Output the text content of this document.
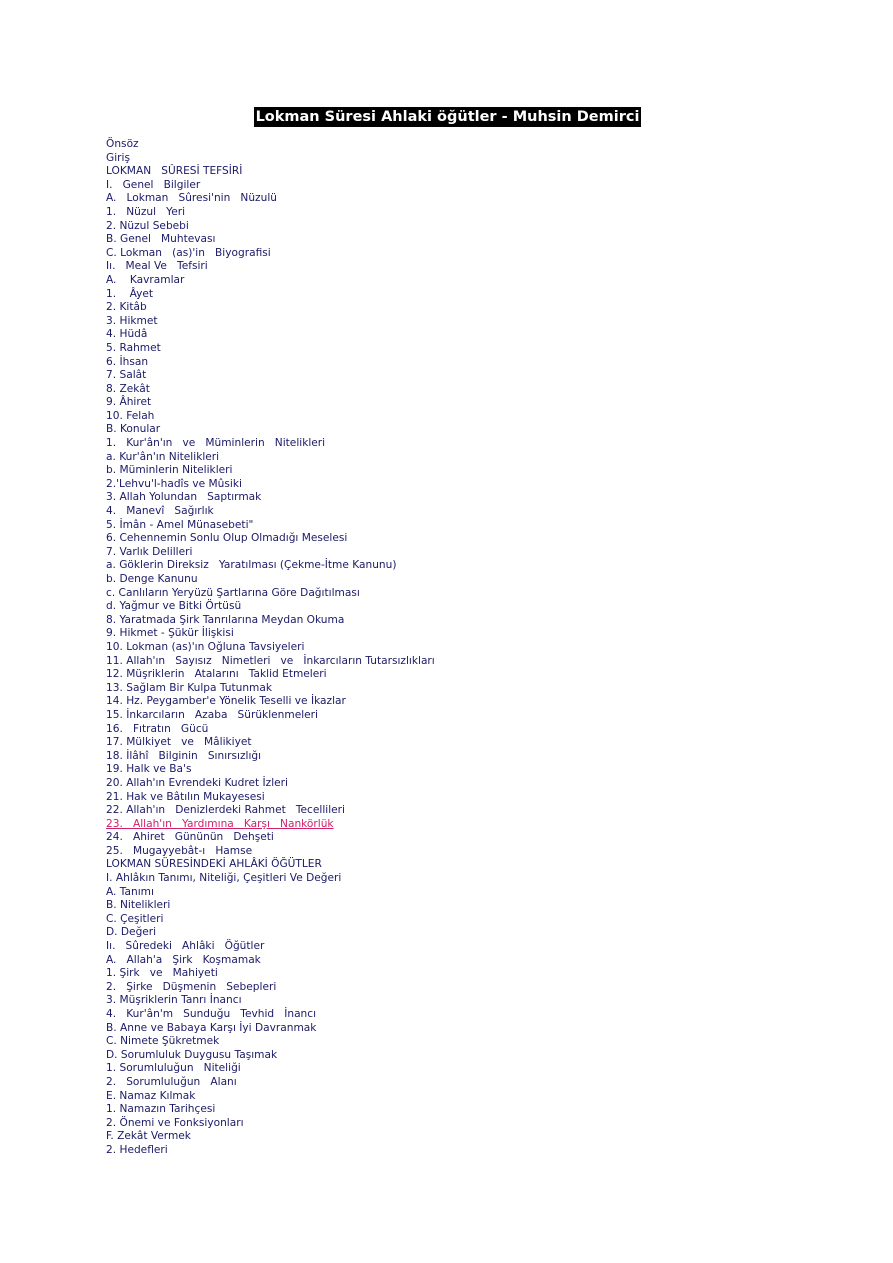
Lokman Süresi Ahlaki öğütler - Muhsin Demirci
Önsöz
Giriş
LOKMAN   SÛRESİ TEFSİRİ
I.   Genel   Bilgiler
A.   Lokman   Sûresi'nin   Nüzulü
1.   Nüzul   Yeri
2. Nüzul Sebebi
B. Genel   Muhtevası
C. Lokman   (as)'in   Biyografisi
Iı.   Meal Ve   Tefsiri
A.    Kavramlar
1.    Âyet
2. Kitâb
3. Hikmet
4. Hüdâ
5. Rahmet
6. İhsan
7. Salât
8. Zekât
9. Âhiret
10. Felah
B. Konular
1.   Kur'ân'ın   ve   Müminlerin   Nitelikleri
a. Kur'ân'ın Nitelikleri
b. Müminlerin Nitelikleri
2.'Lehvu'l-hadîs ve Mûsiki
3. Allah Yolundan   Saptırmak
4.   Manevî   Sağırlık
5. İmân - Amel Münasebeti"
6. Cehennemin Sonlu Olup Olmadığı Meselesi
7. Varlık Delilleri
a. Göklerin Direksiz   Yaratılması (Çekme-İtme Kanunu)
b. Denge Kanunu
c. Canlıların Yeryüzü Şartlarına Göre Dağıtılması
d. Yağmur ve Bitki Örtüsü
8. Yaratmada Şirk Tanrılarına Meydan Okuma
9. Hikmet - Şükür İlişkisi
10. Lokman (as)'ın Oğluna Tavsiyeleri
11. Allah'ın   Sayısız   Nimetleri   ve   İnkarcıların Tutarsızlıkları
12. Müşriklerin   Atalarını   Taklid Etmeleri
13. Sağlam Bir Kulpa Tutunmak
14. Hz. Peygamber'e Yönelik Teselli ve İkazlar
15. İnkarcıların   Azaba   Sürüklenmeleri
16.   Fıtratın   Gücü
17. Mülkiyet   ve   Mâlikiyet
18. İlâhî   Bilginin   Sınırsızlığı
19. Halk ve Ba's
20. Allah'ın Evrendeki Kudret İzleri
21. Hak ve Bâtılın Mukayesesi
22. Allah'ın   Denizlerdeki Rahmet   Tecellileri
23.   Allah'ın   Yardımına   Karşı   Nankörlük
24.   Ahiret   Gününün   Dehşeti
25.   Mugayyebât-ı   Hamse
LOKMAN SÜRESİNDEKİ AHLÂKİ ÖĞÜTLER
I. Ahlâkın Tanımı, Niteliği, Çeşitleri Ve Değeri
A. Tanımı
B. Nitelikleri
C. Çeşitleri
D. Değeri
Iı.   Sûredeki   Ahlâki   Öğütler
A.   Allah'a   Şirk   Koşmamak
1. Şirk   ve   Mahiyeti
2.   Şirke   Düşmenin   Sebepleri
3. Müşriklerin Tanrı İnancı
4.   Kur'ân'm   Sunduğu   Tevhid   İnancı
B. Anne ve Babaya Karşı İyi Davranmak
C. Nimete Şükretmek
D. Sorumluluk Duygusu Taşımak
1. Sorumluluğun   Niteliği
2.   Sorumluluğun   Alanı
E. Namaz Kılmak
1. Namazın Tarihçesi
2. Önemi ve Fonksiyonları
F. Zekât Vermek
2. Hedefleri
